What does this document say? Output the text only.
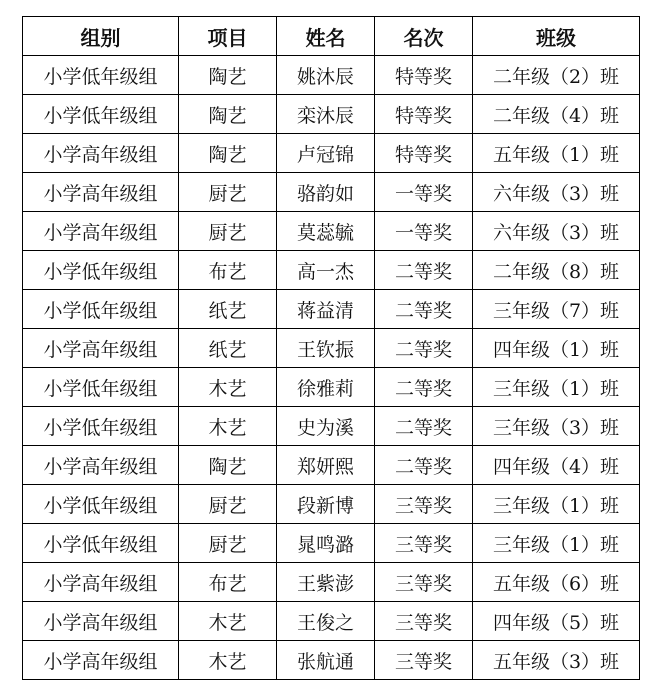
组别	项目	姓名	名次	班级
小学低年级组	陶艺	姚沐辰	特等奖	二年级（2）班
小学低年级组	陶艺	栾沐辰	特等奖	二年级（4）班
小学高年级组	陶艺	卢冠锦	特等奖	五年级（1）班
小学高年级组	厨艺	骆韵如	一等奖	六年级（3）班
小学高年级组	厨艺	莫蕊毓	一等奖	六年级（3）班
小学低年级组	布艺	高一杰	二等奖	二年级（8）班
小学低年级组	纸艺	蒋益清	二等奖	三年级（7）班
小学高年级组	纸艺	王钦振	二等奖	四年级（1）班
小学低年级组	木艺	徐雅莉	二等奖	三年级（1）班
小学低年级组	木艺	史为溪	二等奖	三年级（3）班
小学高年级组	陶艺	郑妍熙	二等奖	四年级（4）班
小学低年级组	厨艺	段新博	三等奖	三年级（1）班
小学低年级组	厨艺	晁鸣潞	三等奖	三年级（1）班
小学高年级组	布艺	王紫澎	三等奖	五年级（6）班
小学高年级组	木艺	王俊之	三等奖	四年级（5）班
小学高年级组	木艺	张航通	三等奖	五年级（3）班
